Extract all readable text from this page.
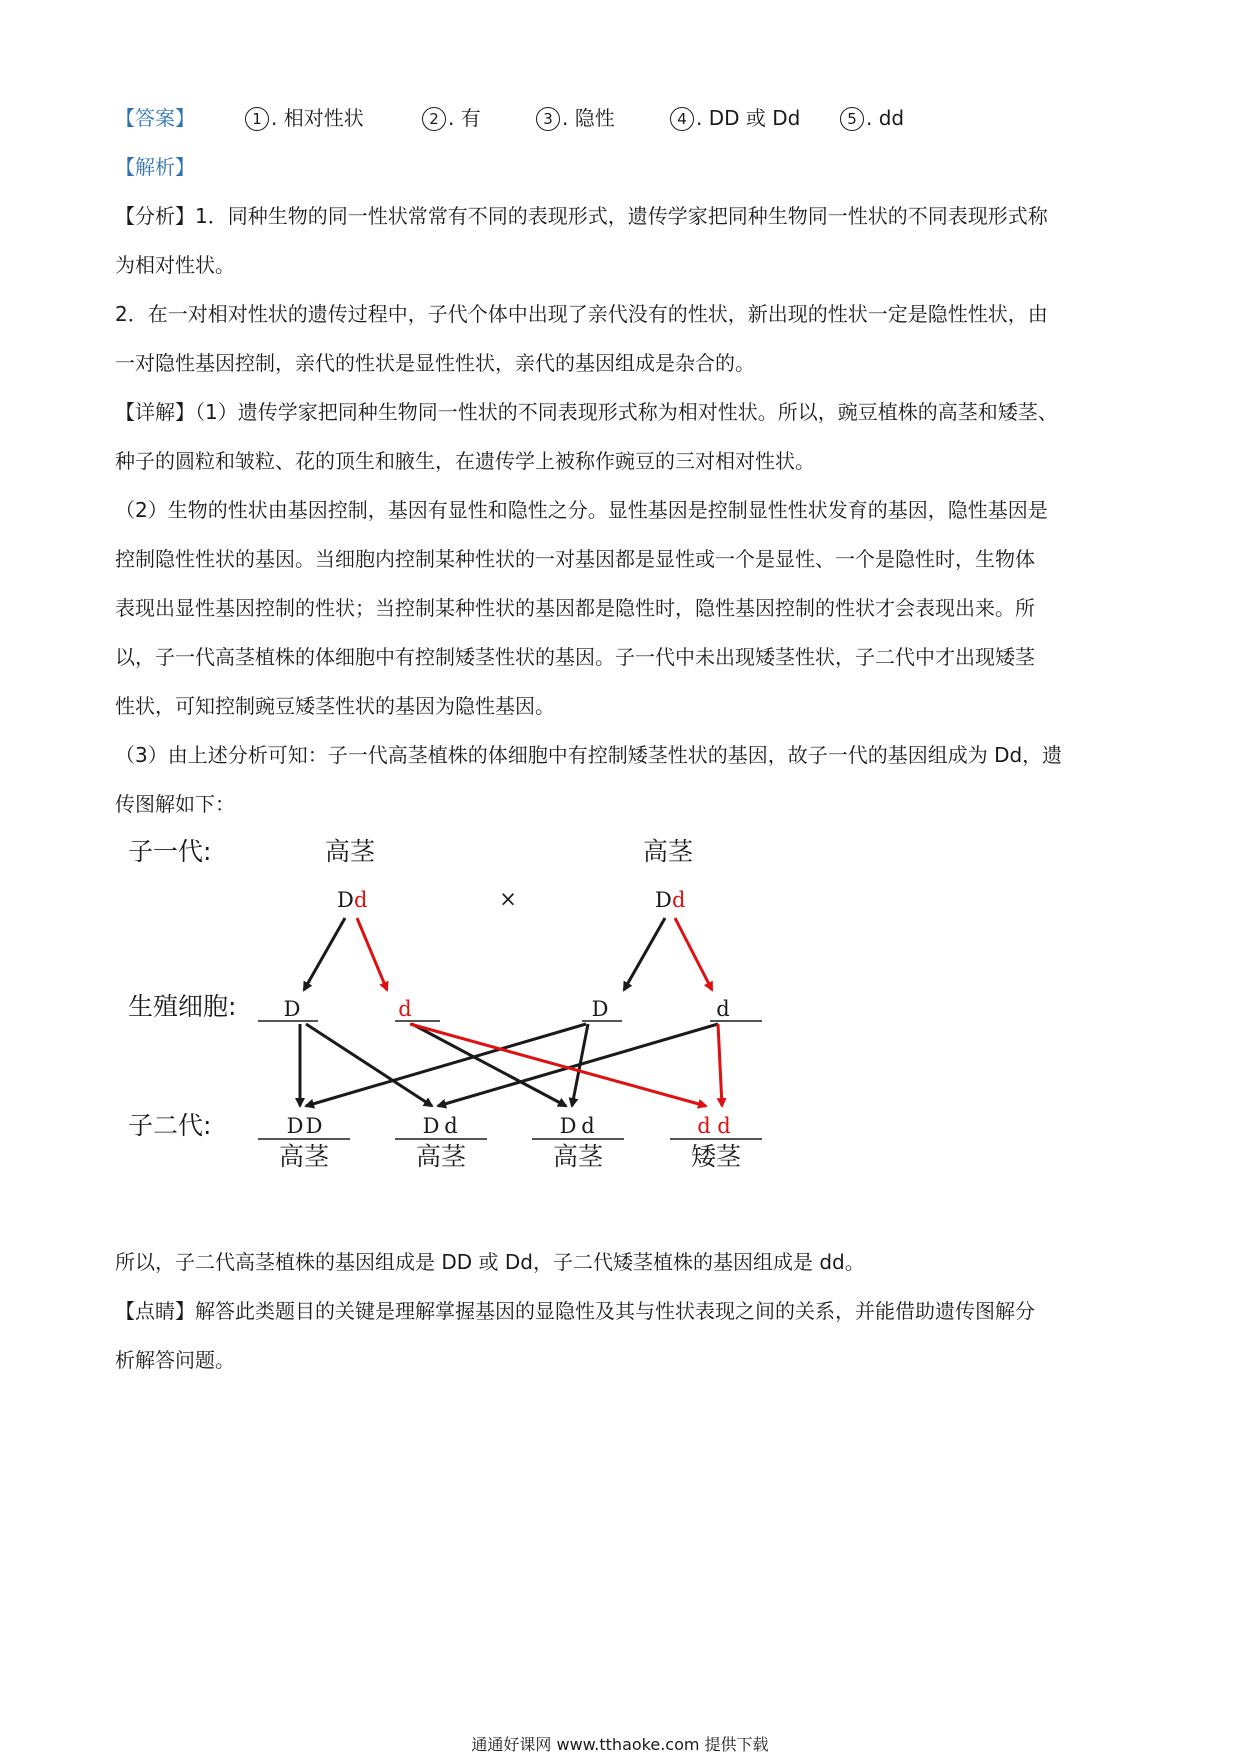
【答案】	1 . 相对性状	2 . 有	3 . 隐性	4 . DD 或 Dd	5 . dd
【解析】
【分析】1．同种生物的同一性状常常有不同的表现形式，遗传学家把同种生物同一性状的不同表现形式称
为相对性状。
2．在一对相对性状的遗传过程中，子代个体中出现了亲代没有的性状，新出现的性状一定是隐性性状，由
一对隐性基因控制，亲代的性状是显性性状，亲代的基因组成是杂合的。
【详解】（1）遗传学家把同种生物同一性状的不同表现形式称为相对性状。所以，豌豆植株的高茎和矮茎、
种子的圆粒和皱粒、花的顶生和腋生，在遗传学上被称作豌豆的三对相对性状。
（2）生物的性状由基因控制，基因有显性和隐性之分。显性基因是控制显性性状发育的基因，隐性基因是
控制隐性性状的基因。当细胞内控制某种性状的一对基因都是显性或一个是显性、一个是隐性时，生物体
表现出显性基因控制的性状；当控制某种性状的基因都是隐性时，隐性基因控制的性状才会表现出来。所
以，子一代高茎植株的体细胞中有控制矮茎性状的基因。子一代中未出现矮茎性状，子二代中才出现矮茎
性状，可知控制豌豆矮茎性状的基因为隐性基因。
（3）由上述分析可知：子一代高茎植株的体细胞中有控制矮茎性状的基因，故子一代的基因组成为 Dd，遗
传图解如下：
子一代:
生殖细胞:
子二代:
高茎	高茎
D d	×	D d
D	d	D	d
D D
高茎
D d
高茎
D d
高茎
d d
矮茎
所以，子二代高茎植株的基因组成是 DD 或 Dd，子二代矮茎植株的基因组成是 dd。
【点睛】解答此类题目的关键是理解掌握基因的显隐性及其与性状表现之间的关系，并能借助遗传图解分
析解答问题。
通通好课网 www.tthaoke.com 提供下载
